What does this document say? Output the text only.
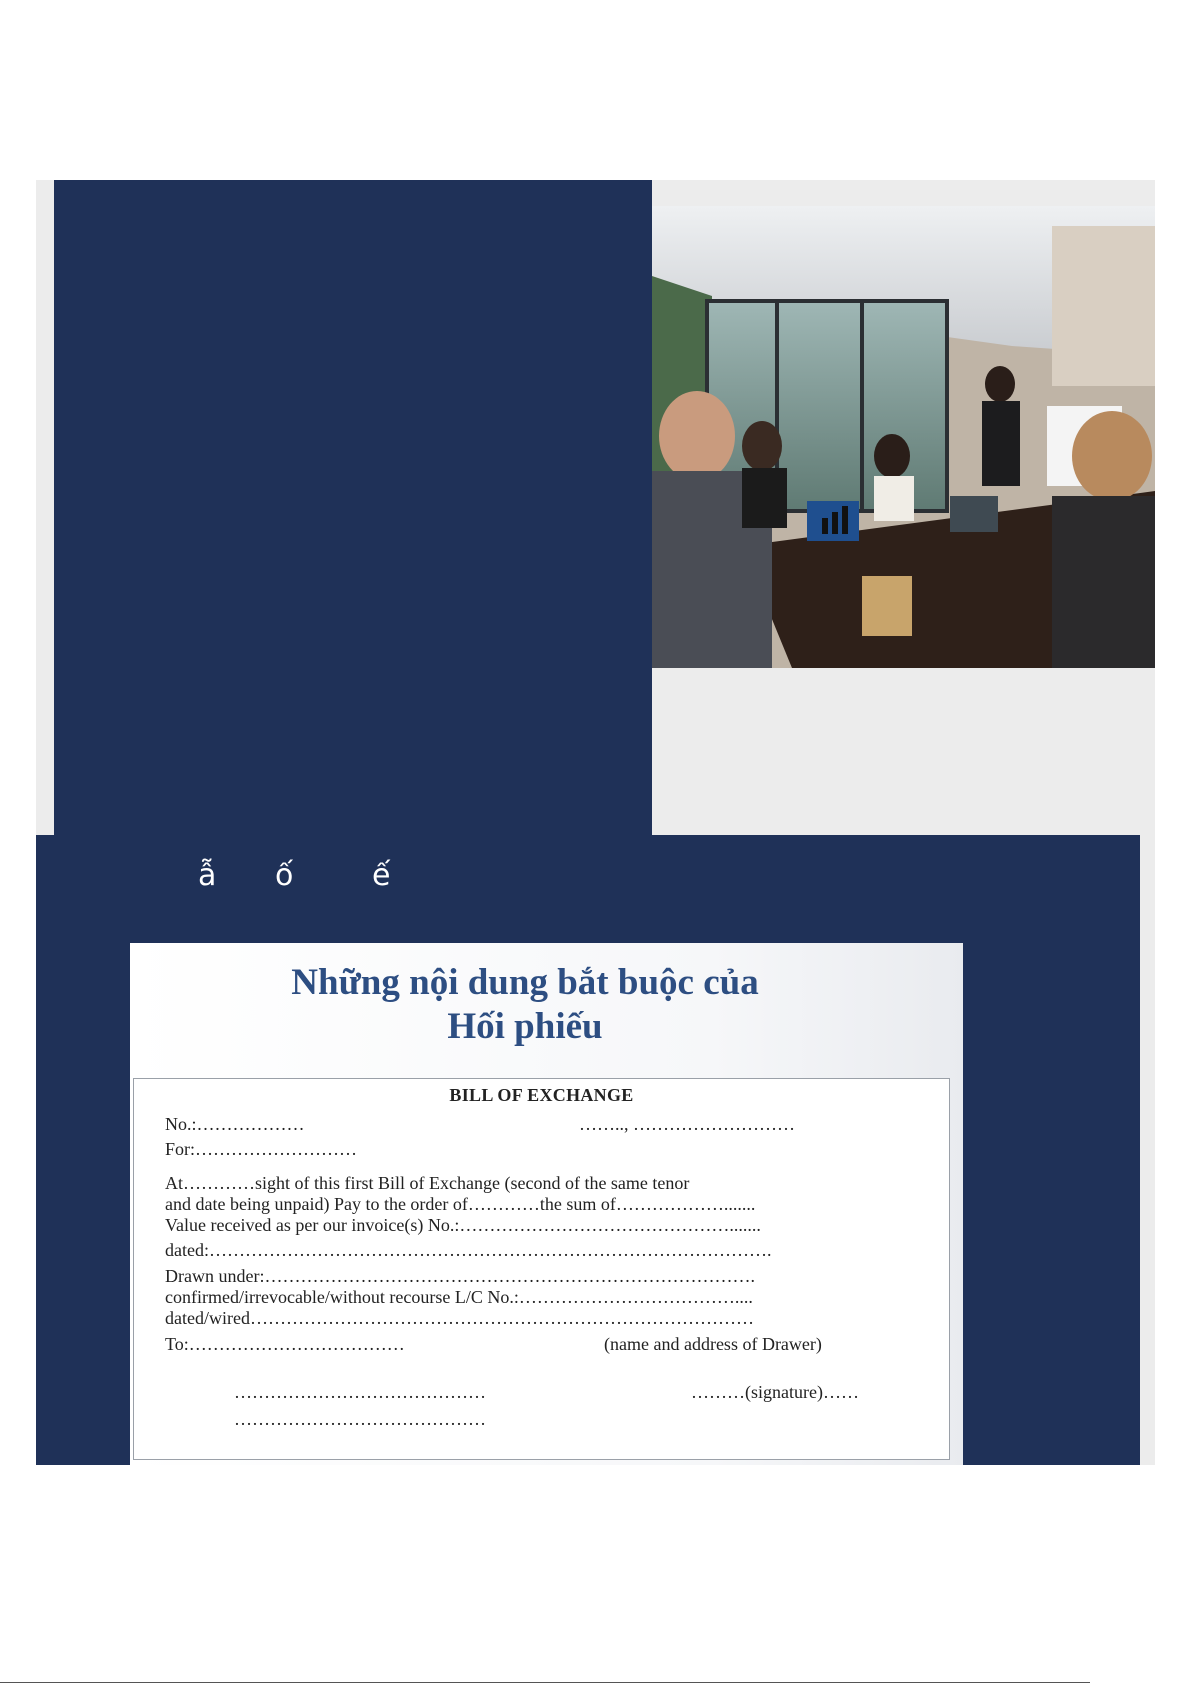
ẫ ố	ế
Những nội dung bắt buộc của
Hối phiếu
BILL OF EXCHANGE
No.:………………	…….., ………………………
For:………………………
At…………sight of this first Bill of Exchange (second of the same tenor
and date being unpaid) Pay to the order of…………the sum of……………….......
Value received as per our invoice(s) No.:……………………………………….......
dated:………………………………………………………………………………….
Drawn under:……………………………………………………………………….
confirmed/irrevocable/without recourse L/C No.:………………………………....
dated/wired…………………………………………………………………………
To:………………………………	(name and address of Drawer)
……………………………………	………(signature)……
……………………………………
